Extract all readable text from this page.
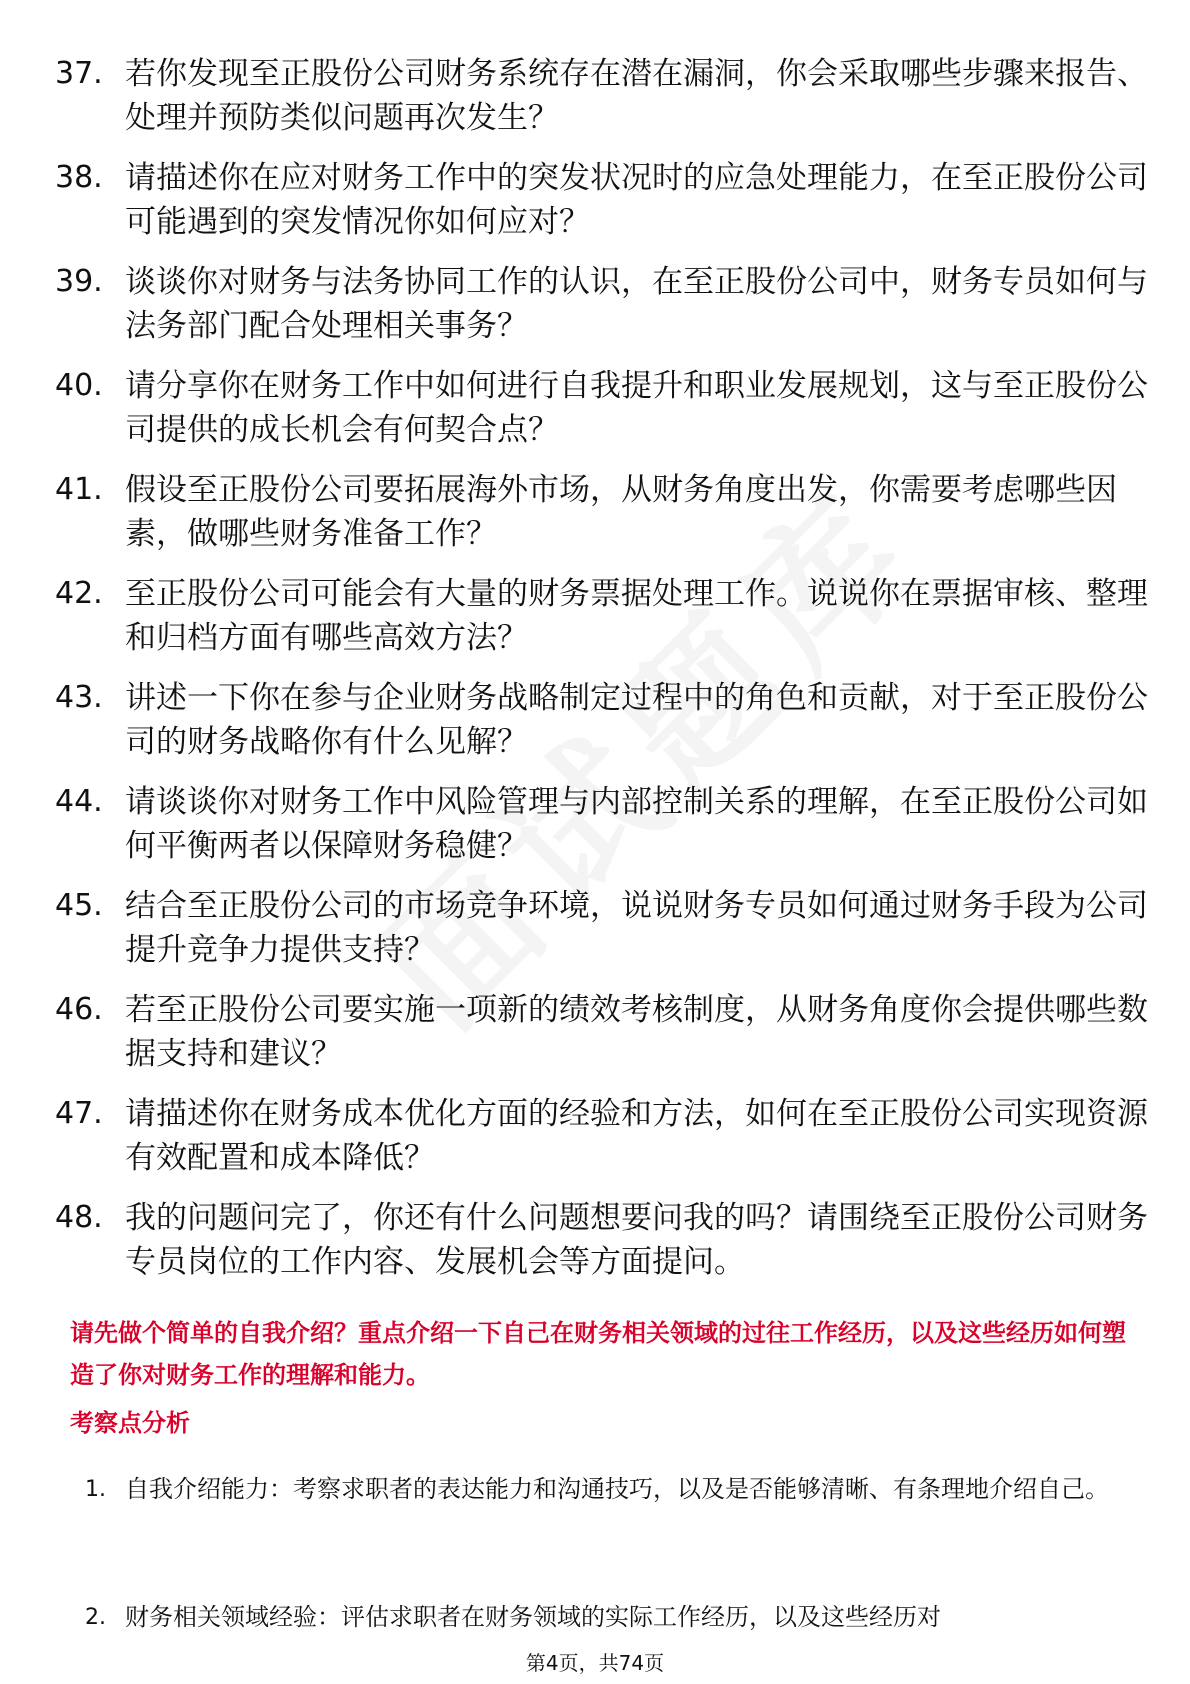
37. 若你发现至正股份公司财务系统存在潜在漏洞，你会采取哪些步骤来报告、处理并预防类似问题再次发生？
38. 请描述你在应对财务工作中的突发状况时的应急处理能力，在至正股份公司可能遇到的突发情况你如何应对？
39. 谈谈你对财务与法务协同工作的认识，在至正股份公司中，财务专员如何与法务部门配合处理相关事务？
40. 请分享你在财务工作中如何进行自我提升和职业发展规划，这与至正股份公司提供的成长机会有何契合点？
41. 假设至正股份公司要拓展海外市场，从财务角度出发，你需要考虑哪些因素，做哪些财务准备工作？
42. 至正股份公司可能会有大量的财务票据处理工作。说说你在票据审核、整理和归档方面有哪些高效方法？
43. 讲述一下你在参与企业财务战略制定过程中的角色和贡献，对于至正股份公司的财务战略你有什么见解？
44. 请谈谈你对财务工作中风险管理与内部控制关系的理解，在至正股份公司如何平衡两者以保障财务稳健？
45. 结合至正股份公司的市场竞争环境，说说财务专员如何通过财务手段为公司提升竞争力提供支持？
46. 若至正股份公司要实施一项新的绩效考核制度，从财务角度你会提供哪些数据支持和建议？
47. 请描述你在财务成本优化方面的经验和方法，如何在至正股份公司实现资源有效配置和成本降低？
48. 我的问题问完了，你还有什么问题想要问我的吗？请围绕至正股份公司财务专员岗位的工作内容、发展机会等方面提问。
请先做个简单的自我介绍？重点介绍一下自己在财务相关领域的过往工作经历，以及这些经历如何塑造了你对财务工作的理解和能力。
考察点分析
1. 自我介绍能力：考察求职者的表达能力和沟通技巧，以及是否能够清晰、有条理地介绍自己。
2. 财务相关领域经验：评估求职者在财务领域的实际工作经历，以及这些经历对
第4页，共74页
